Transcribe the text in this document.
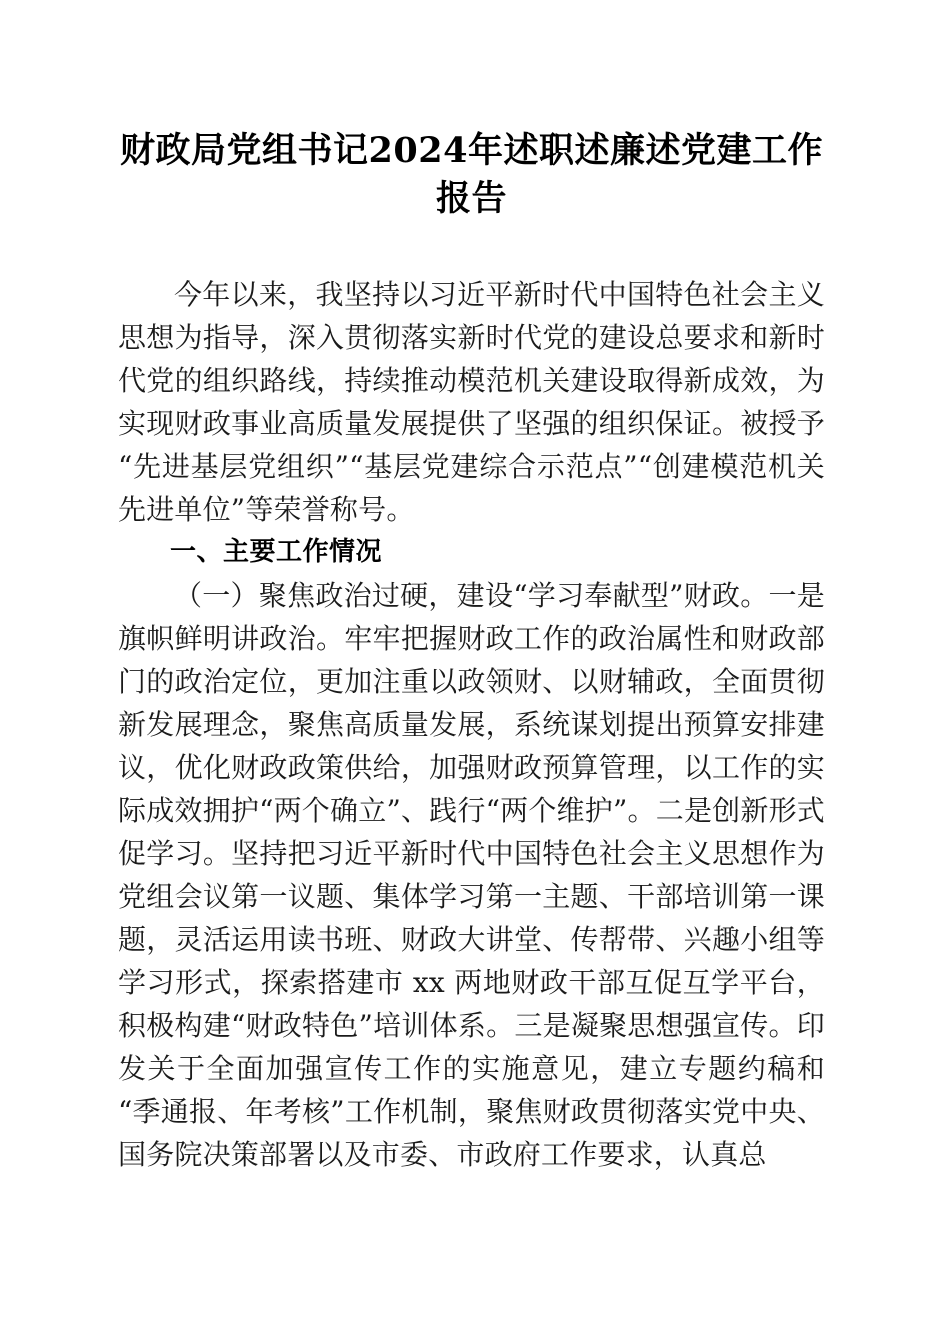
财政局党组书记2024年述职述廉述党建工作
报告

今年以来，我坚持以习近平新时代中国特色社会主义思想为指导，深入贯彻落实新时代党的建设总要求和新时代党的组织路线，持续推动模范机关建设取得新成效，为实现财政事业高质量发展提供了坚强的组织保证。被授予“先进基层党组织”“基层党建综合示范点”“创建模范机关先进单位”等荣誉称号。

一、主要工作情况

（一）聚焦政治过硬，建设“学习奉献型”财政。一是旗帜鲜明讲政治。牢牢把握财政工作的政治属性和财政部门的政治定位，更加注重以政领财、以财辅政，全面贯彻新发展理念，聚焦高质量发展，系统谋划提出预算安排建议，优化财政政策供给，加强财政预算管理，以工作的实际成效拥护“两个确立”、践行“两个维护”。二是创新形式促学习。坚持把习近平新时代中国特色社会主义思想作为党组会议第一议题、集体学习第一主题、干部培训第一课题，灵活运用读书班、财政大讲堂、传帮带、兴趣小组等学习形式，探索搭建市 xx 两地财政干部互促互学平台，积极构建“财政特色”培训体系。三是凝聚思想强宣传。印发关于全面加强宣传工作的实施意见，建立专题约稿和“季通报、年考核”工作机制，聚焦财政贯彻落实党中央、国务院决策部署以及市委、市政府工作要求，认真总
